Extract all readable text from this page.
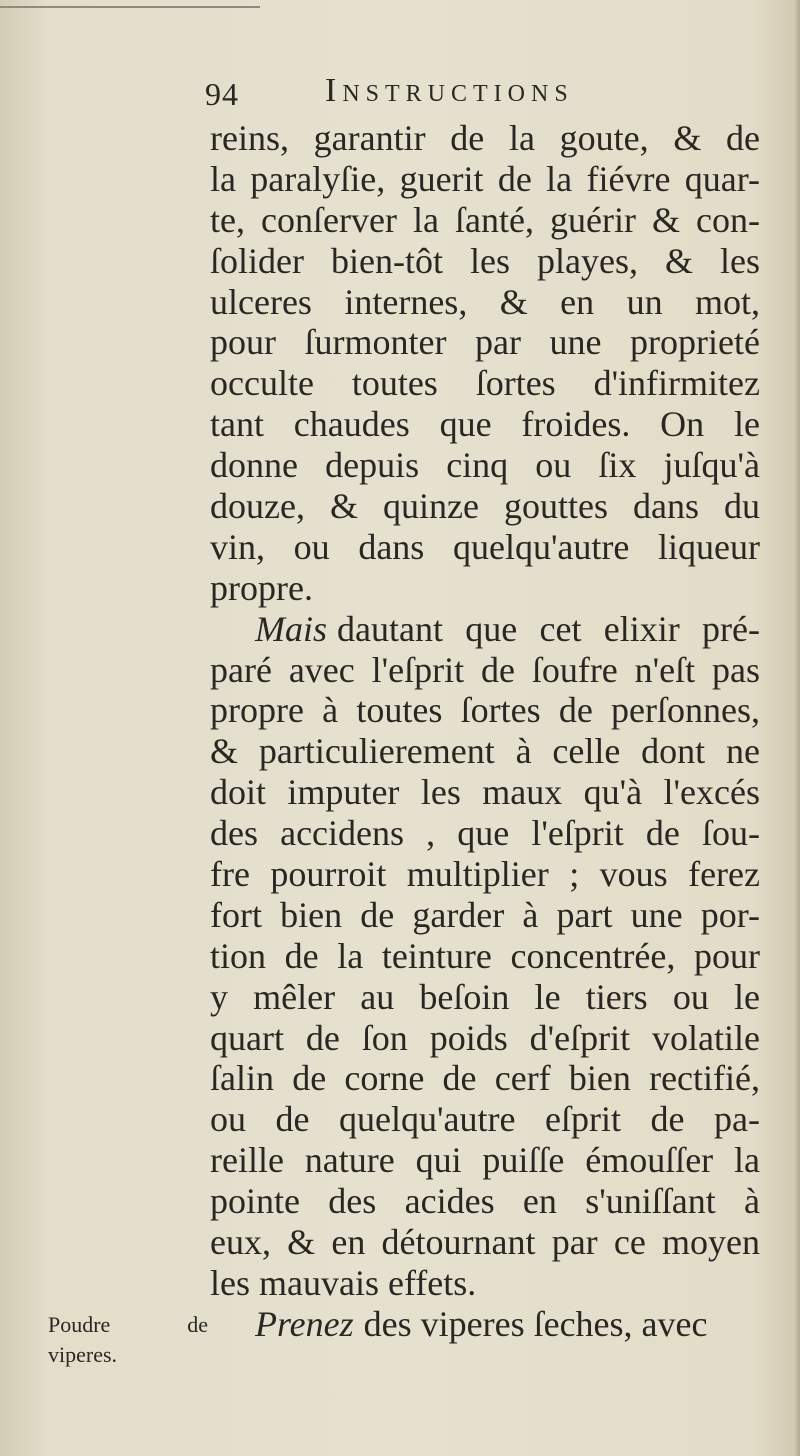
94	Instructions
reins, garantir de la goute, & de
la paralyſie, guerit de la fiévre quar-
te, conſerver la ſanté, guérir & con-
ſolider bien-tôt les playes, & les
ulceres internes, & en un mot,
pour ſurmonter par une proprieté
occulte toutes ſortes d'infirmitez
tant chaudes que froides. On le
donne depuis cinq ou ſix juſqu'à
douze, & quinze gouttes dans du
vin, ou dans quelqu'autre liqueur
propre.
Mais dautant que cet elixir pré-
paré avec l'eſprit de ſoufre n'eſt pas
propre à toutes ſortes de perſonnes,
& particulierement à celle dont ne
doit imputer les maux qu'à l'excés
des accidens , que l'eſprit de ſou-
fre pourroit multiplier ; vous ferez
fort bien de garder à part une por-
tion de la teinture concentrée, pour
y mêler au beſoin le tiers ou le
quart de ſon poids d'eſprit volatile
ſalin de corne de cerf bien rectifié,
ou de quelqu'autre eſprit de pa-
reille nature qui puiſſe émouſſer la
pointe des acides en s'uniſſant à
eux, & en détournant par ce moyen
les mauvais effets.
Prenez des viperes ſeches, avec
Poudre de
viperes.
